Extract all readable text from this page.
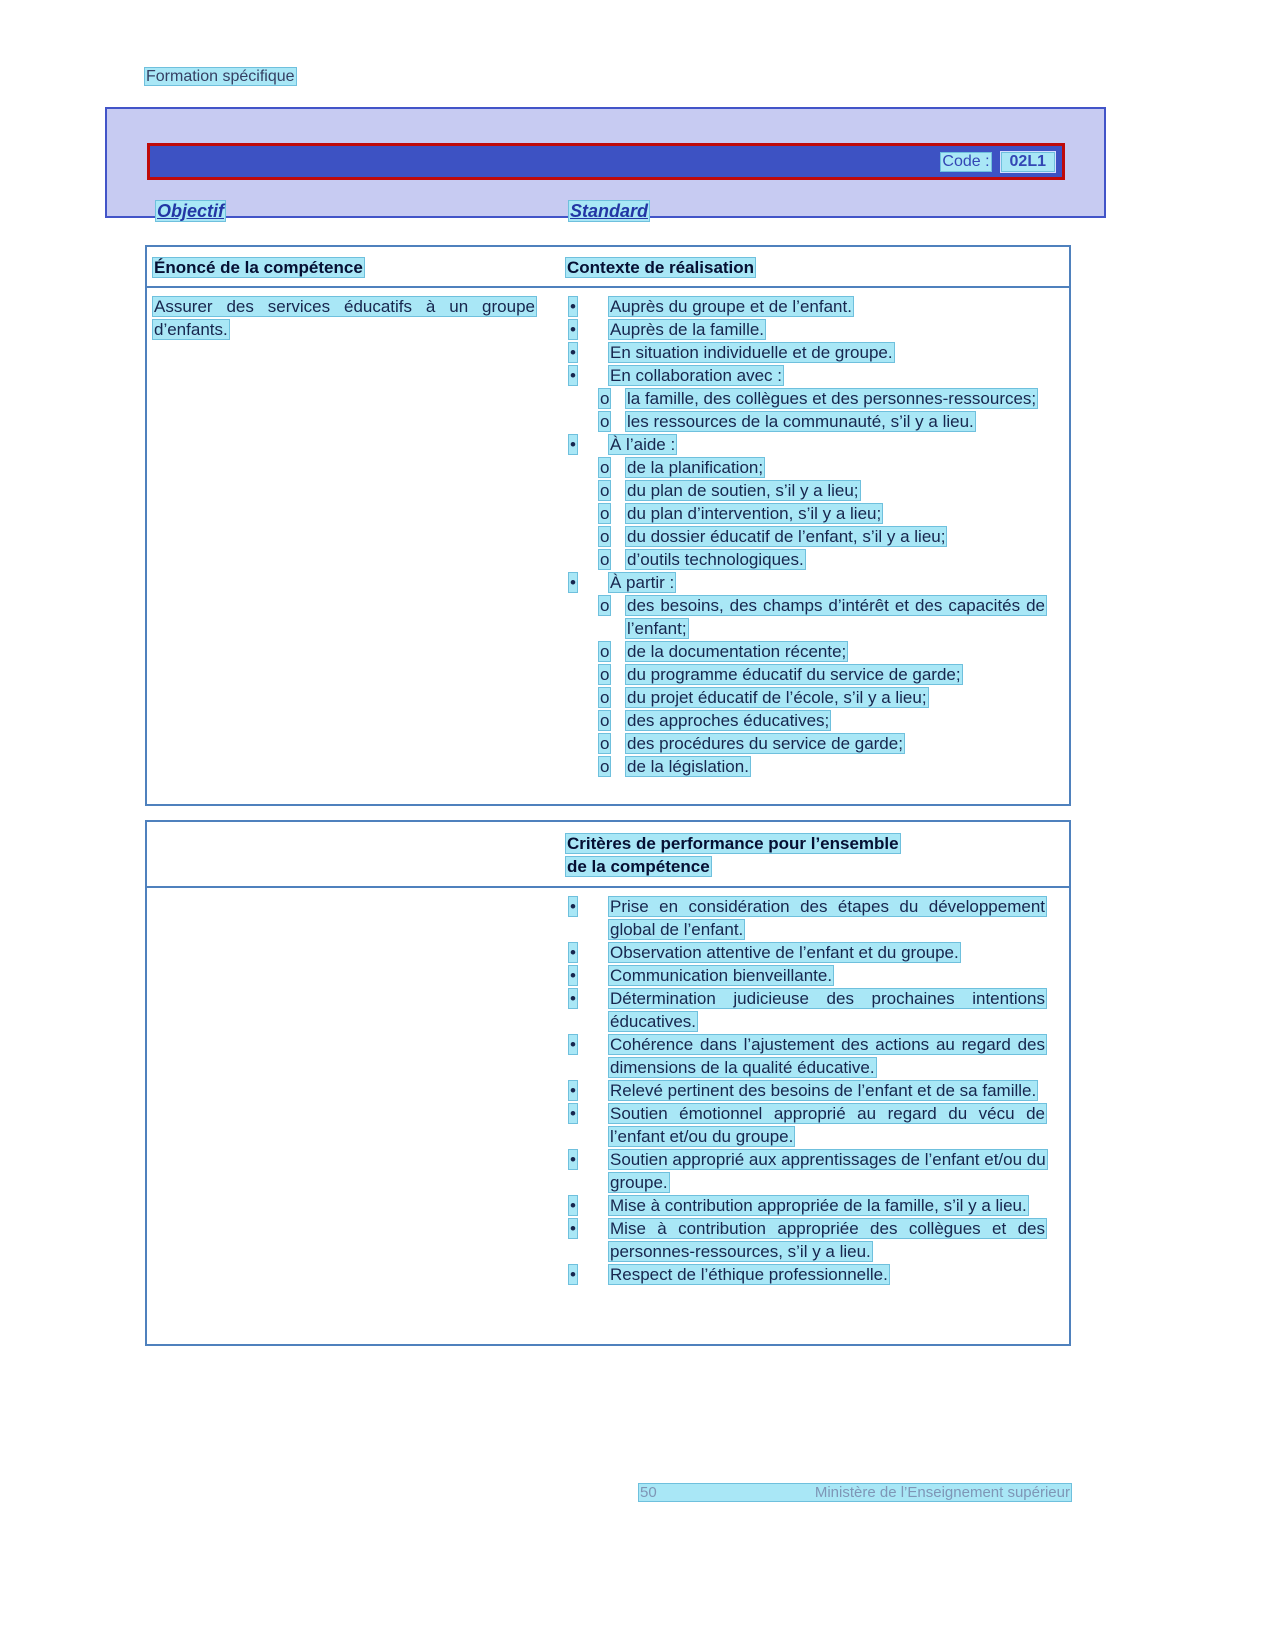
Formation spécifique
Code :	02L1
Objectif	Standard
Énoncé de la compétence	Contexte de réalisation
Assurer des services éducatifs à un groupe d’enfants.
•	Auprès du groupe et de l’enfant.
•	Auprès de la famille.
•	En situation individuelle et de groupe.
•	En collaboration avec :
o	la famille, des collègues et des personnes-ressources;
o	les ressources de la communauté, s’il y a lieu.
•	À l’aide :
o	de la planification;
o	du plan de soutien, s’il y a lieu;
o	du plan d’intervention, s’il y a lieu;
o	du dossier éducatif de l’enfant, s’il y a lieu;
o	d’outils technologiques.
•	À partir :
o	des besoins, des champs d’intérêt et des capacités de l’enfant;
o	de la documentation récente;
o	du programme éducatif du service de garde;
o	du projet éducatif de l’école, s’il y a lieu;
o	des approches éducatives;
o	des procédures du service de garde;
o	de la législation.
Critères de performance pour l’ensemble
de la compétence
•	Prise en considération des étapes du développement global de l’enfant.
•	Observation attentive de l’enfant et du groupe.
•	Communication bienveillante.
•	Détermination judicieuse des prochaines intentions éducatives.
•	Cohérence dans l’ajustement des actions au regard des dimensions de la qualité éducative.
•	Relevé pertinent des besoins de l’enfant et de sa famille.
•	Soutien émotionnel approprié au regard du vécu de l’enfant et/ou du groupe.
•	Soutien approprié aux apprentissages de l’enfant et/ou du groupe.
•	Mise à contribution appropriée de la famille, s’il y a lieu.
•	Mise à contribution appropriée des collègues et des personnes-ressources, s’il y a lieu.
•	Respect de l’éthique professionnelle.
50	Ministère de l’Enseignement supérieur
